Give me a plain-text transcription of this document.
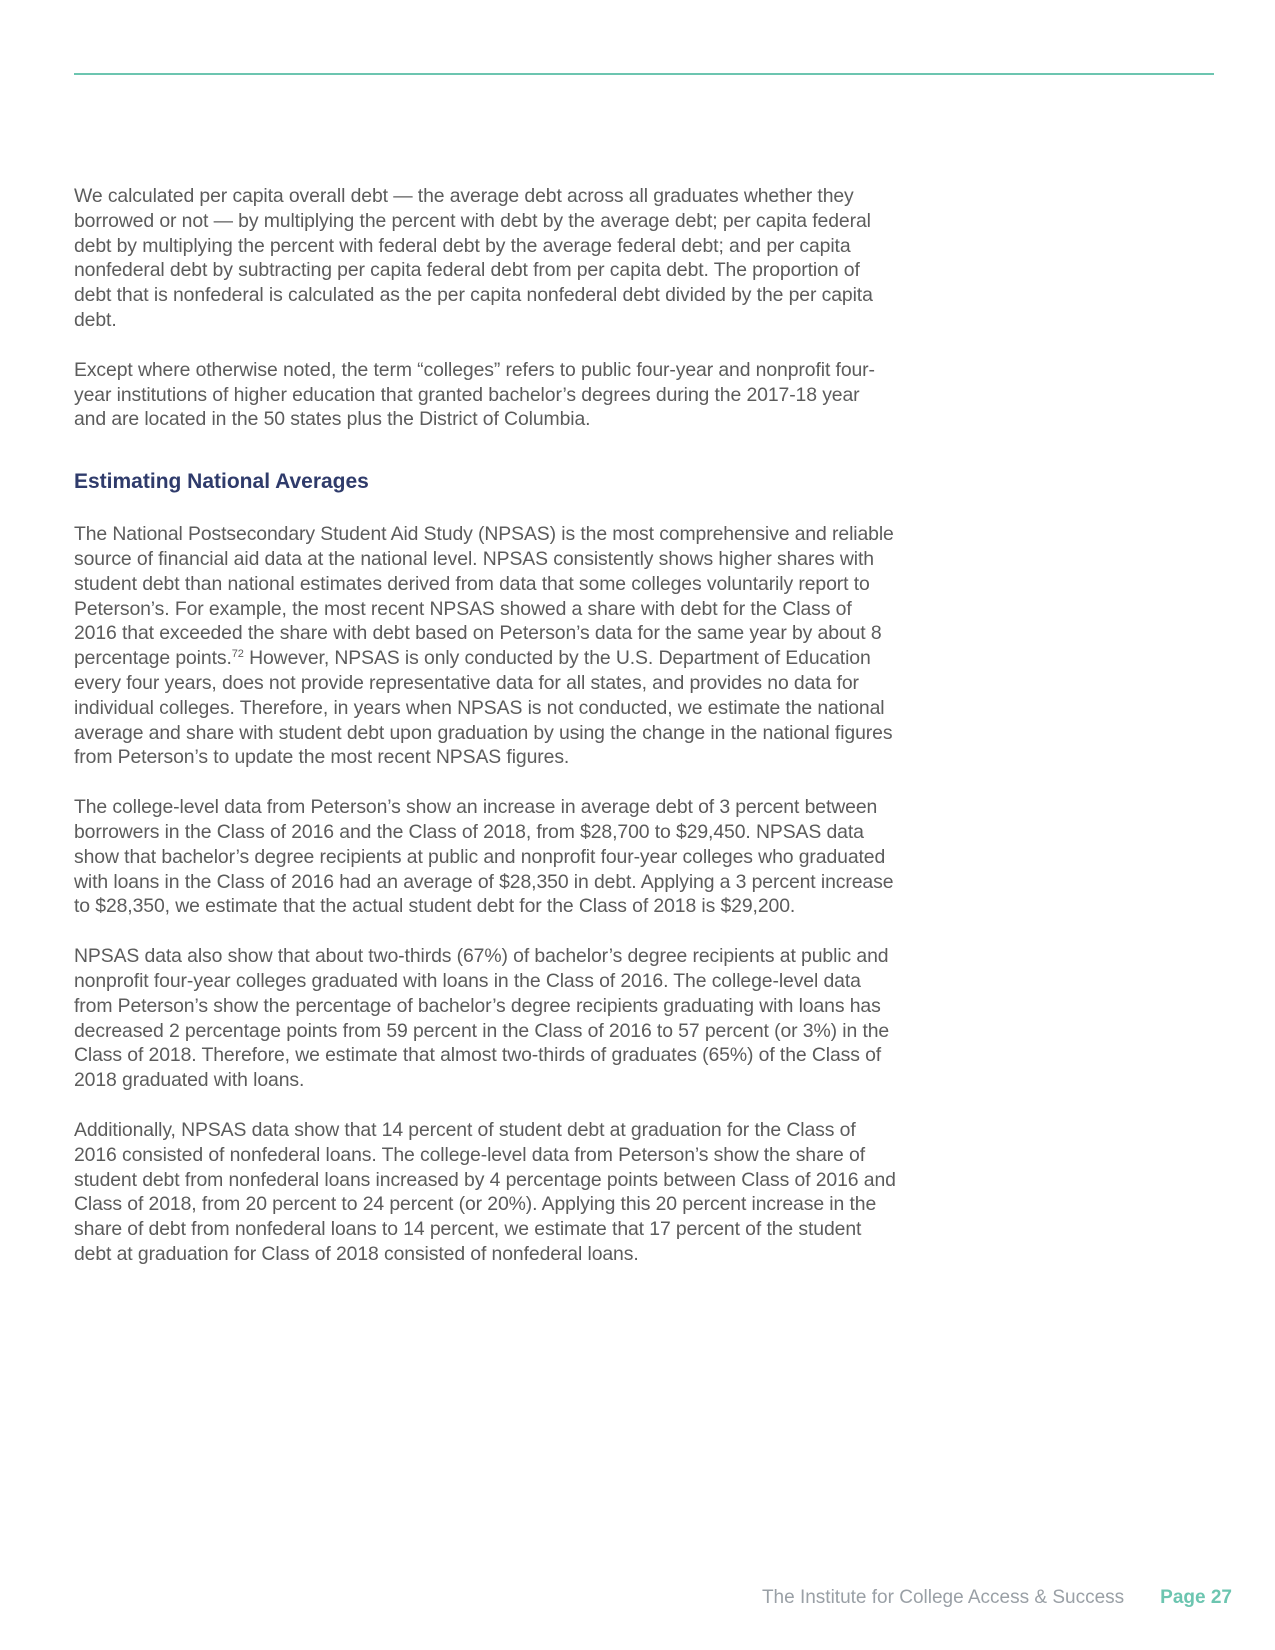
We calculated per capita overall debt — the average debt across all graduates whether they borrowed or not — by multiplying the percent with debt by the average debt; per capita federal debt by multiplying the percent with federal debt by the average federal debt; and per capita nonfederal debt by subtracting per capita federal debt from per capita debt. The proportion of debt that is nonfederal is calculated as the per capita nonfederal debt divided by the per capita debt.

Except where otherwise noted, the term “colleges” refers to public four-year and nonprofit four-year institutions of higher education that granted bachelor’s degrees during the 2017-18 year and are located in the 50 states plus the District of Columbia.

Estimating National Averages

The National Postsecondary Student Aid Study (NPSAS) is the most comprehensive and reliable source of financial aid data at the national level. NPSAS consistently shows higher shares with student debt than national estimates derived from data that some colleges voluntarily report to Peterson’s. For example, the most recent NPSAS showed a share with debt for the Class of 2016 that exceeded the share with debt based on Peterson’s data for the same year by about 8 percentage points.$^{72}$ However, NPSAS is only conducted by the U.S. Department of Education every four years, does not provide representative data for all states, and provides no data for individual colleges. Therefore, in years when NPSAS is not conducted, we estimate the national average and share with student debt upon graduation by using the change in the national figures from Peterson’s to update the most recent NPSAS figures.

The college-level data from Peterson’s show an increase in average debt of 3 percent between borrowers in the Class of 2016 and the Class of 2018, from $28,700 to $29,450. NPSAS data show that bachelor’s degree recipients at public and nonprofit four-year colleges who graduated with loans in the Class of 2016 had an average of $28,350 in debt. Applying a 3 percent increase to $28,350, we estimate that the actual student debt for the Class of 2018 is $29,200.

NPSAS data also show that about two-thirds (67%) of bachelor’s degree recipients at public and nonprofit four-year colleges graduated with loans in the Class of 2016. The college-level data from Peterson’s show the percentage of bachelor’s degree recipients graduating with loans has decreased 2 percentage points from 59 percent in the Class of 2016 to 57 percent (or 3%) in the Class of 2018. Therefore, we estimate that almost two-thirds of graduates (65%) of the Class of 2018 graduated with loans.

Additionally, NPSAS data show that 14 percent of student debt at graduation for the Class of 2016 consisted of nonfederal loans. The college-level data from Peterson’s show the share of student debt from nonfederal loans increased by 4 percentage points between Class of 2016 and Class of 2018, from 20 percent to 24 percent (or 20%). Applying this 20 percent increase in the share of debt from nonfederal loans to 14 percent, we estimate that 17 percent of the student debt at graduation for Class of 2018 consisted of nonfederal loans.

The Institute for College Access & Success Page 27
